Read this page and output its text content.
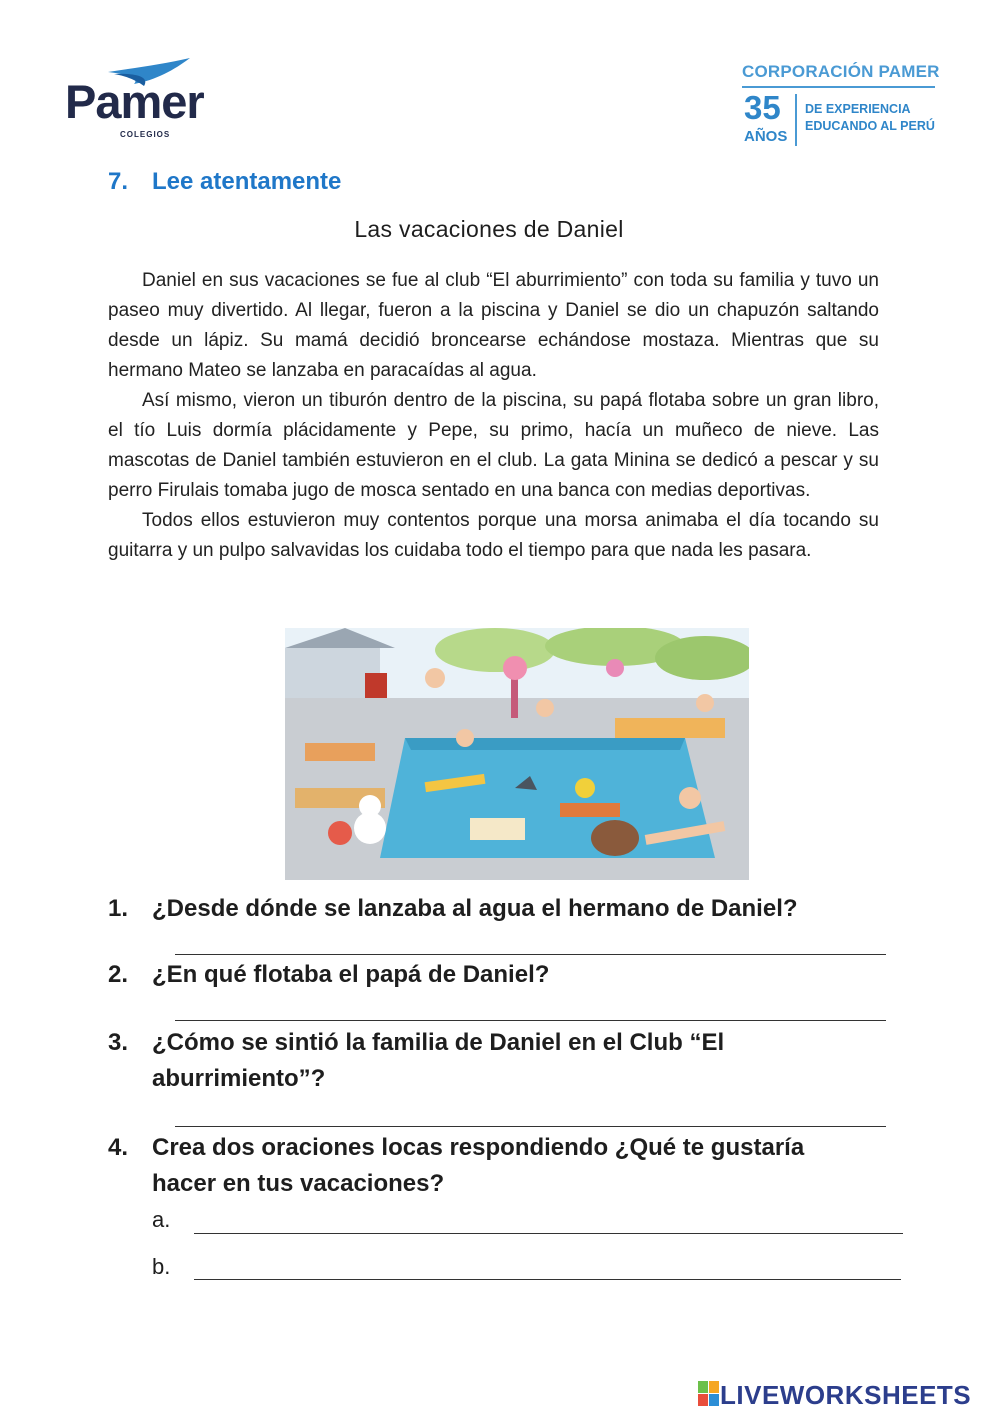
Pamer
COLEGIOS
CORPORACIÓN PAMER
35
AÑOS
DE EXPERIENCIA
EDUCANDO AL PERÚ
7. Lee atentamente
Las vacaciones de Daniel

Daniel en sus vacaciones se fue al club “El aburrimiento” con toda su familia y tuvo un paseo muy divertido. Al llegar, fueron a la piscina y Daniel se dio un chapuzón saltando desde un lápiz. Su mamá decidió broncearse echándose mostaza. Mientras que su hermano Mateo se lanzaba en paracaídas al agua.

Así mismo, vieron un tiburón dentro de la piscina, su papá flotaba sobre un gran libro, el tío Luis dormía plácidamente y Pepe, su primo, hacía un muñeco de nieve. Las mascotas de Daniel también estuvieron en el club. La gata Minina se dedicó a pescar y su perro Firulais tomaba jugo de mosca sentado en una banca con medias deportivas.

Todos ellos estuvieron muy contentos porque una morsa animaba el día tocando su guitarra y un pulpo salvavidas los cuidaba todo el tiempo para que nada les pasara.

1. ¿Desde dónde se lanzaba al agua el hermano de Daniel?
2. ¿En qué flotaba el papá de Daniel?
3. ¿Cómo se sintió la familia de Daniel en el Club “El
aburrimiento”?
4. Crea dos oraciones locas respondiendo ¿Qué te gustaría
hacer en tus vacaciones?
a.
b.
LIVEWORKSHEETS
